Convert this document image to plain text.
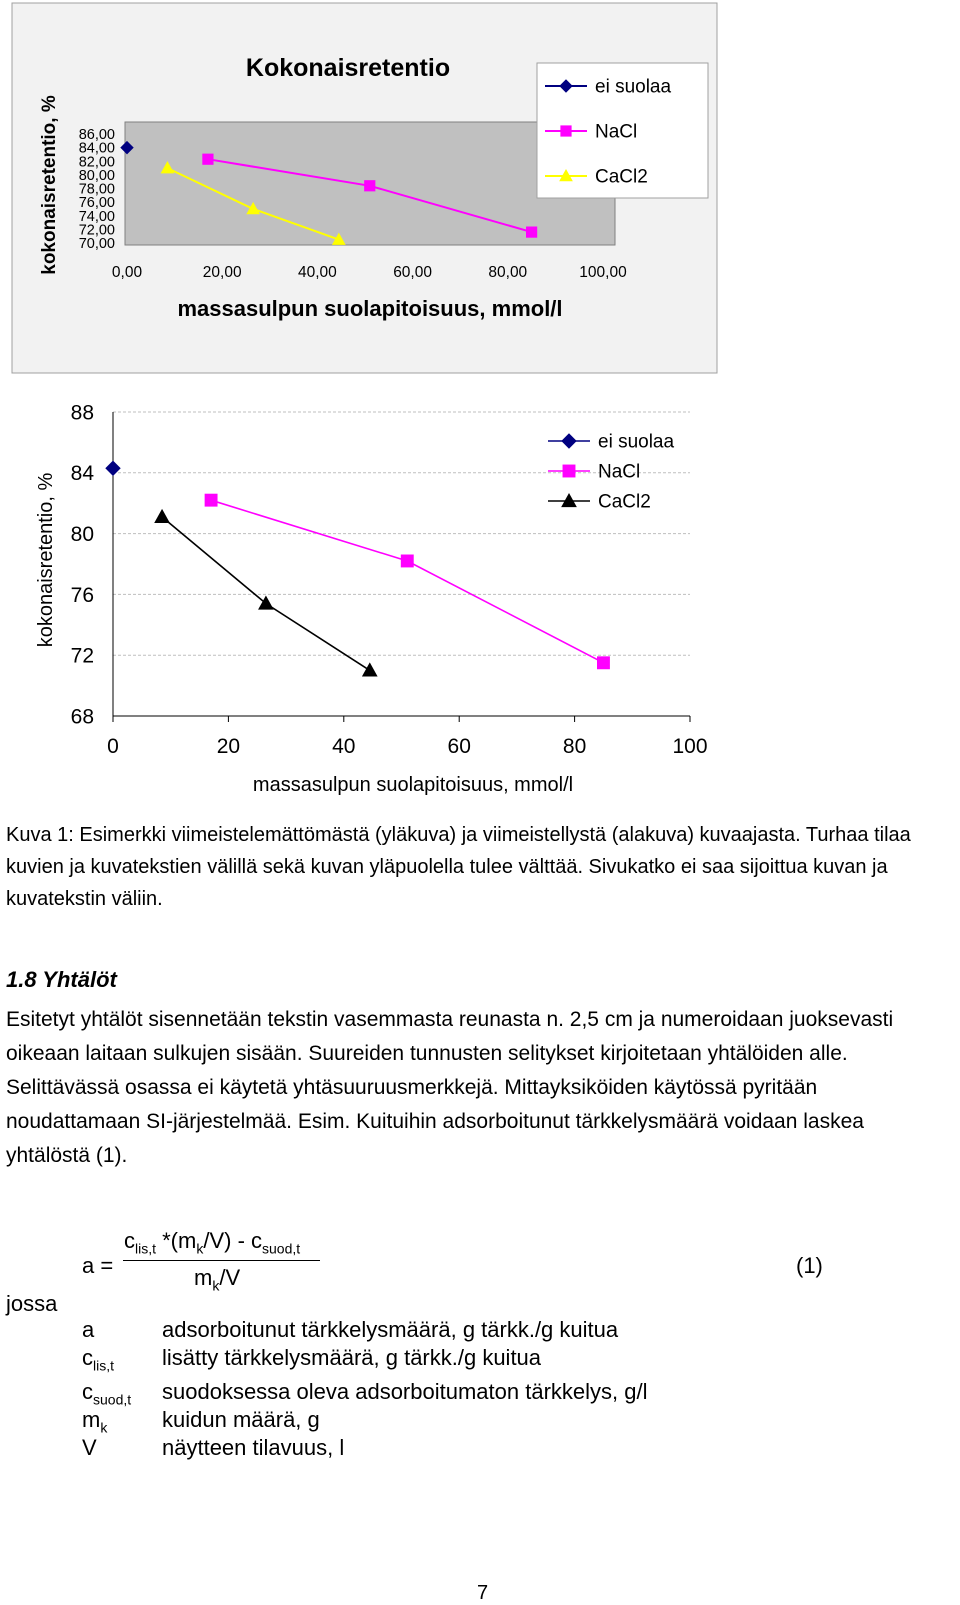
Kokonaisretentio
kokonaisretentio, %
massasulpun suolapitoisuus, mmol/l
86,00
84,00
82,00
80,00
78,00
76,00
74,00
72,00
70,00
0,00	20,00	40,00	60,00	80,00	100,00
ei suolaa
NaCl
CaCl2
kokonaisretentio, %
massasulpun suolapitoisuus, mmol/l
88
84
80
76
72
68
0	20	40	60	80	100
ei suolaa
NaCl
CaCl2

Kuva 1: Esimerkki viimeistelemättömästä (yläkuva) ja viimeistellystä (alakuva) kuvaajasta. Turhaa tilaa kuvien ja kuvatekstien välillä sekä kuvan yläpuolella tulee välttää. Sivukatko ei saa sijoittua kuvan ja kuvatekstin väliin.

1.8 Yhtälöt

Esitetyt yhtälöt sisennetään tekstin vasemmasta reunasta n. 2,5 cm ja numeroidaan juoksevasti oikeaan laitaan sulkujen sisään. Suureiden tunnusten selitykset kirjoitetaan yhtälöiden alle. Selittävässä osassa ei käytetä yhtäsuuruusmerkkejä. Mittayksiköiden käytössä pyritään noudattamaan SI-järjestelmää. Esim. Kuituihin adsorboitunut tärkkelysmäärä voidaan laskea yhtälöstä (1).

a =
$c_{lis,t}$ $*(m_k/V) - c_{suod,t}$
$m_k/V$	(1)
jossa
a	adsorboitunut tärkkelysmäärä, g tärkk./g kuitua
$c_{lis,t}$ lisätty tärkkelysmäärä, g tärkk./g kuitua
$c_{suod,t}$ suodoksessa oleva adsorboitumaton tärkkelys, g/l
$m_k$ kuidun määrä, g
V	näytteen tilavuus, l
7
